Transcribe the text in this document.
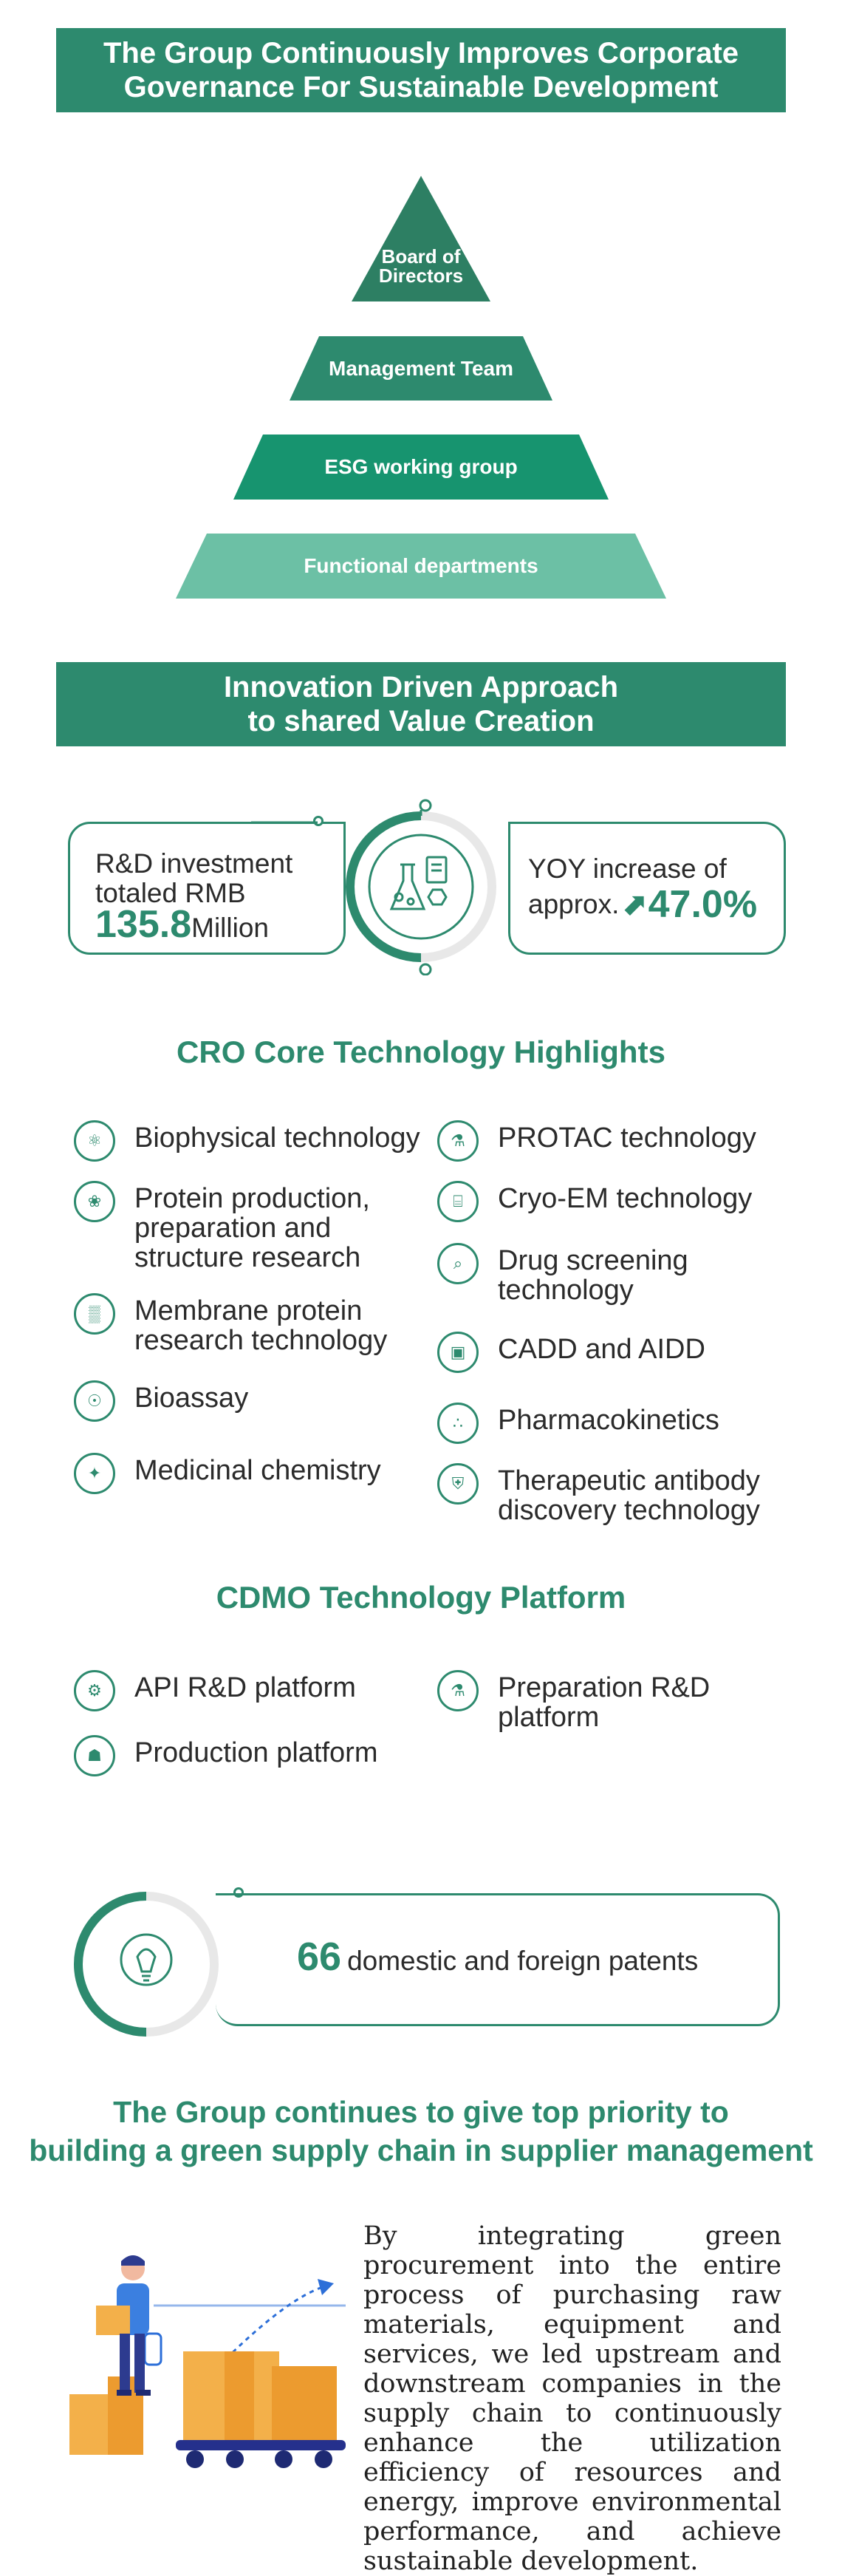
The Group Continuously Improves Corporate
Governance For Sustainable Development
Board of Directors
Management Team
ESG working group
Functional departments
Innovation Driven Approach
to shared Value Creation
R&D investment
totaled RMB
135.8Million
YOY increase of
approx. ⬈ 47.0%
CRO Core Technology Highlights
⚛	Biophysical technology
❀	Protein production, preparation and structure research
▒	Membrane protein research technology
☉	Bioassay
✦	Medicinal chemistry
⚗	PROTAC technology
⌸	Cryo-EM technology
⌕	Drug screening technology
▣	CADD and AIDD
∴	Pharmacokinetics
⛨	Therapeutic antibody discovery technology
CDMO Technology Platform
⚙	API R&D platform
☗	Production platform
⚗	Preparation R&D platform
66 domestic and foreign patents
The Group continues to give top priority to
building a green supply chain in supplier management
By integrating green procurement into the entire process of purchasing raw materials, equipment and services, we led upstream and downstream companies in the supply chain to continuously enhance the utilization efficiency of resources and energy, improve environmental performance, and achieve sustainable development.
